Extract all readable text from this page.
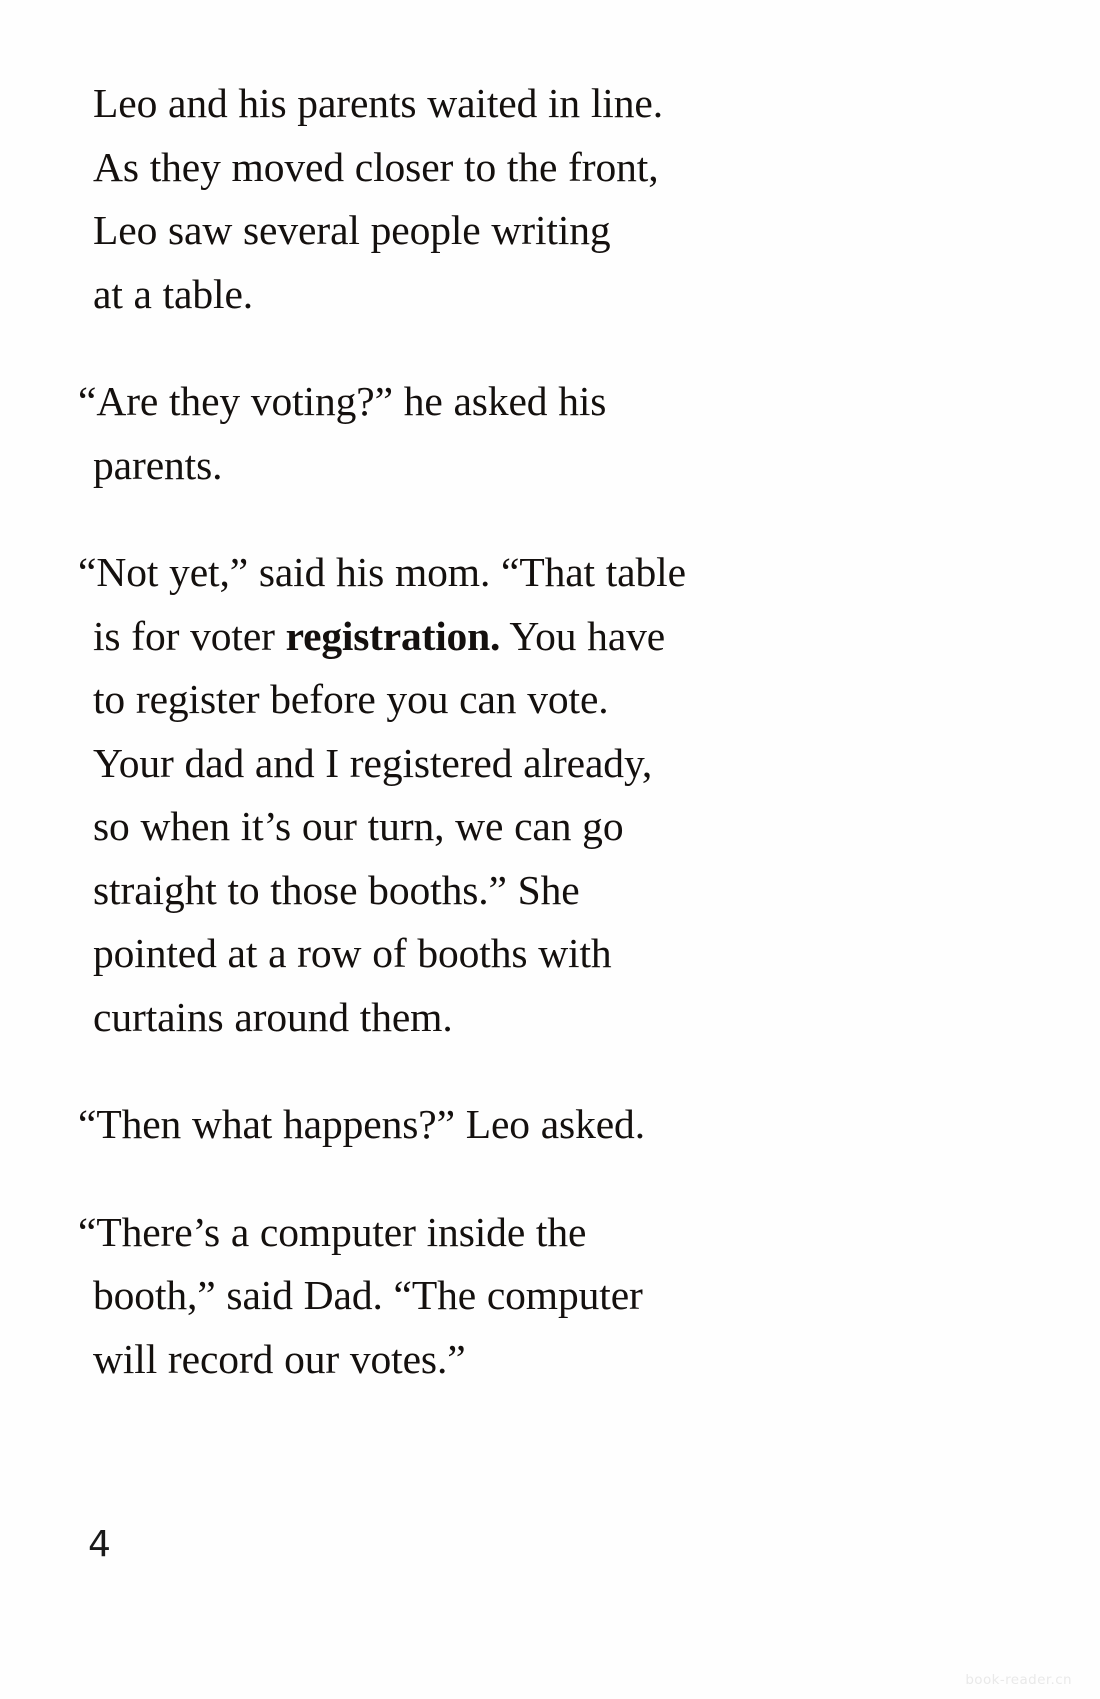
Leo and his parents waited in line.
As they moved closer to the front,
Leo saw several people writing
at a table.

“Are they voting?” he asked his
parents.

“Not yet,” said his mom. “That table
is for voter registration. You have
to register before you can vote.
Your dad and I registered already,
so when it’s our turn, we can go
straight to those booths.” She
pointed at a row of booths with
curtains around them.

“Then what happens?” Leo asked.

“There’s a computer inside the
booth,” said Dad. “The computer
will record our votes.”

4
book-reader.cn
